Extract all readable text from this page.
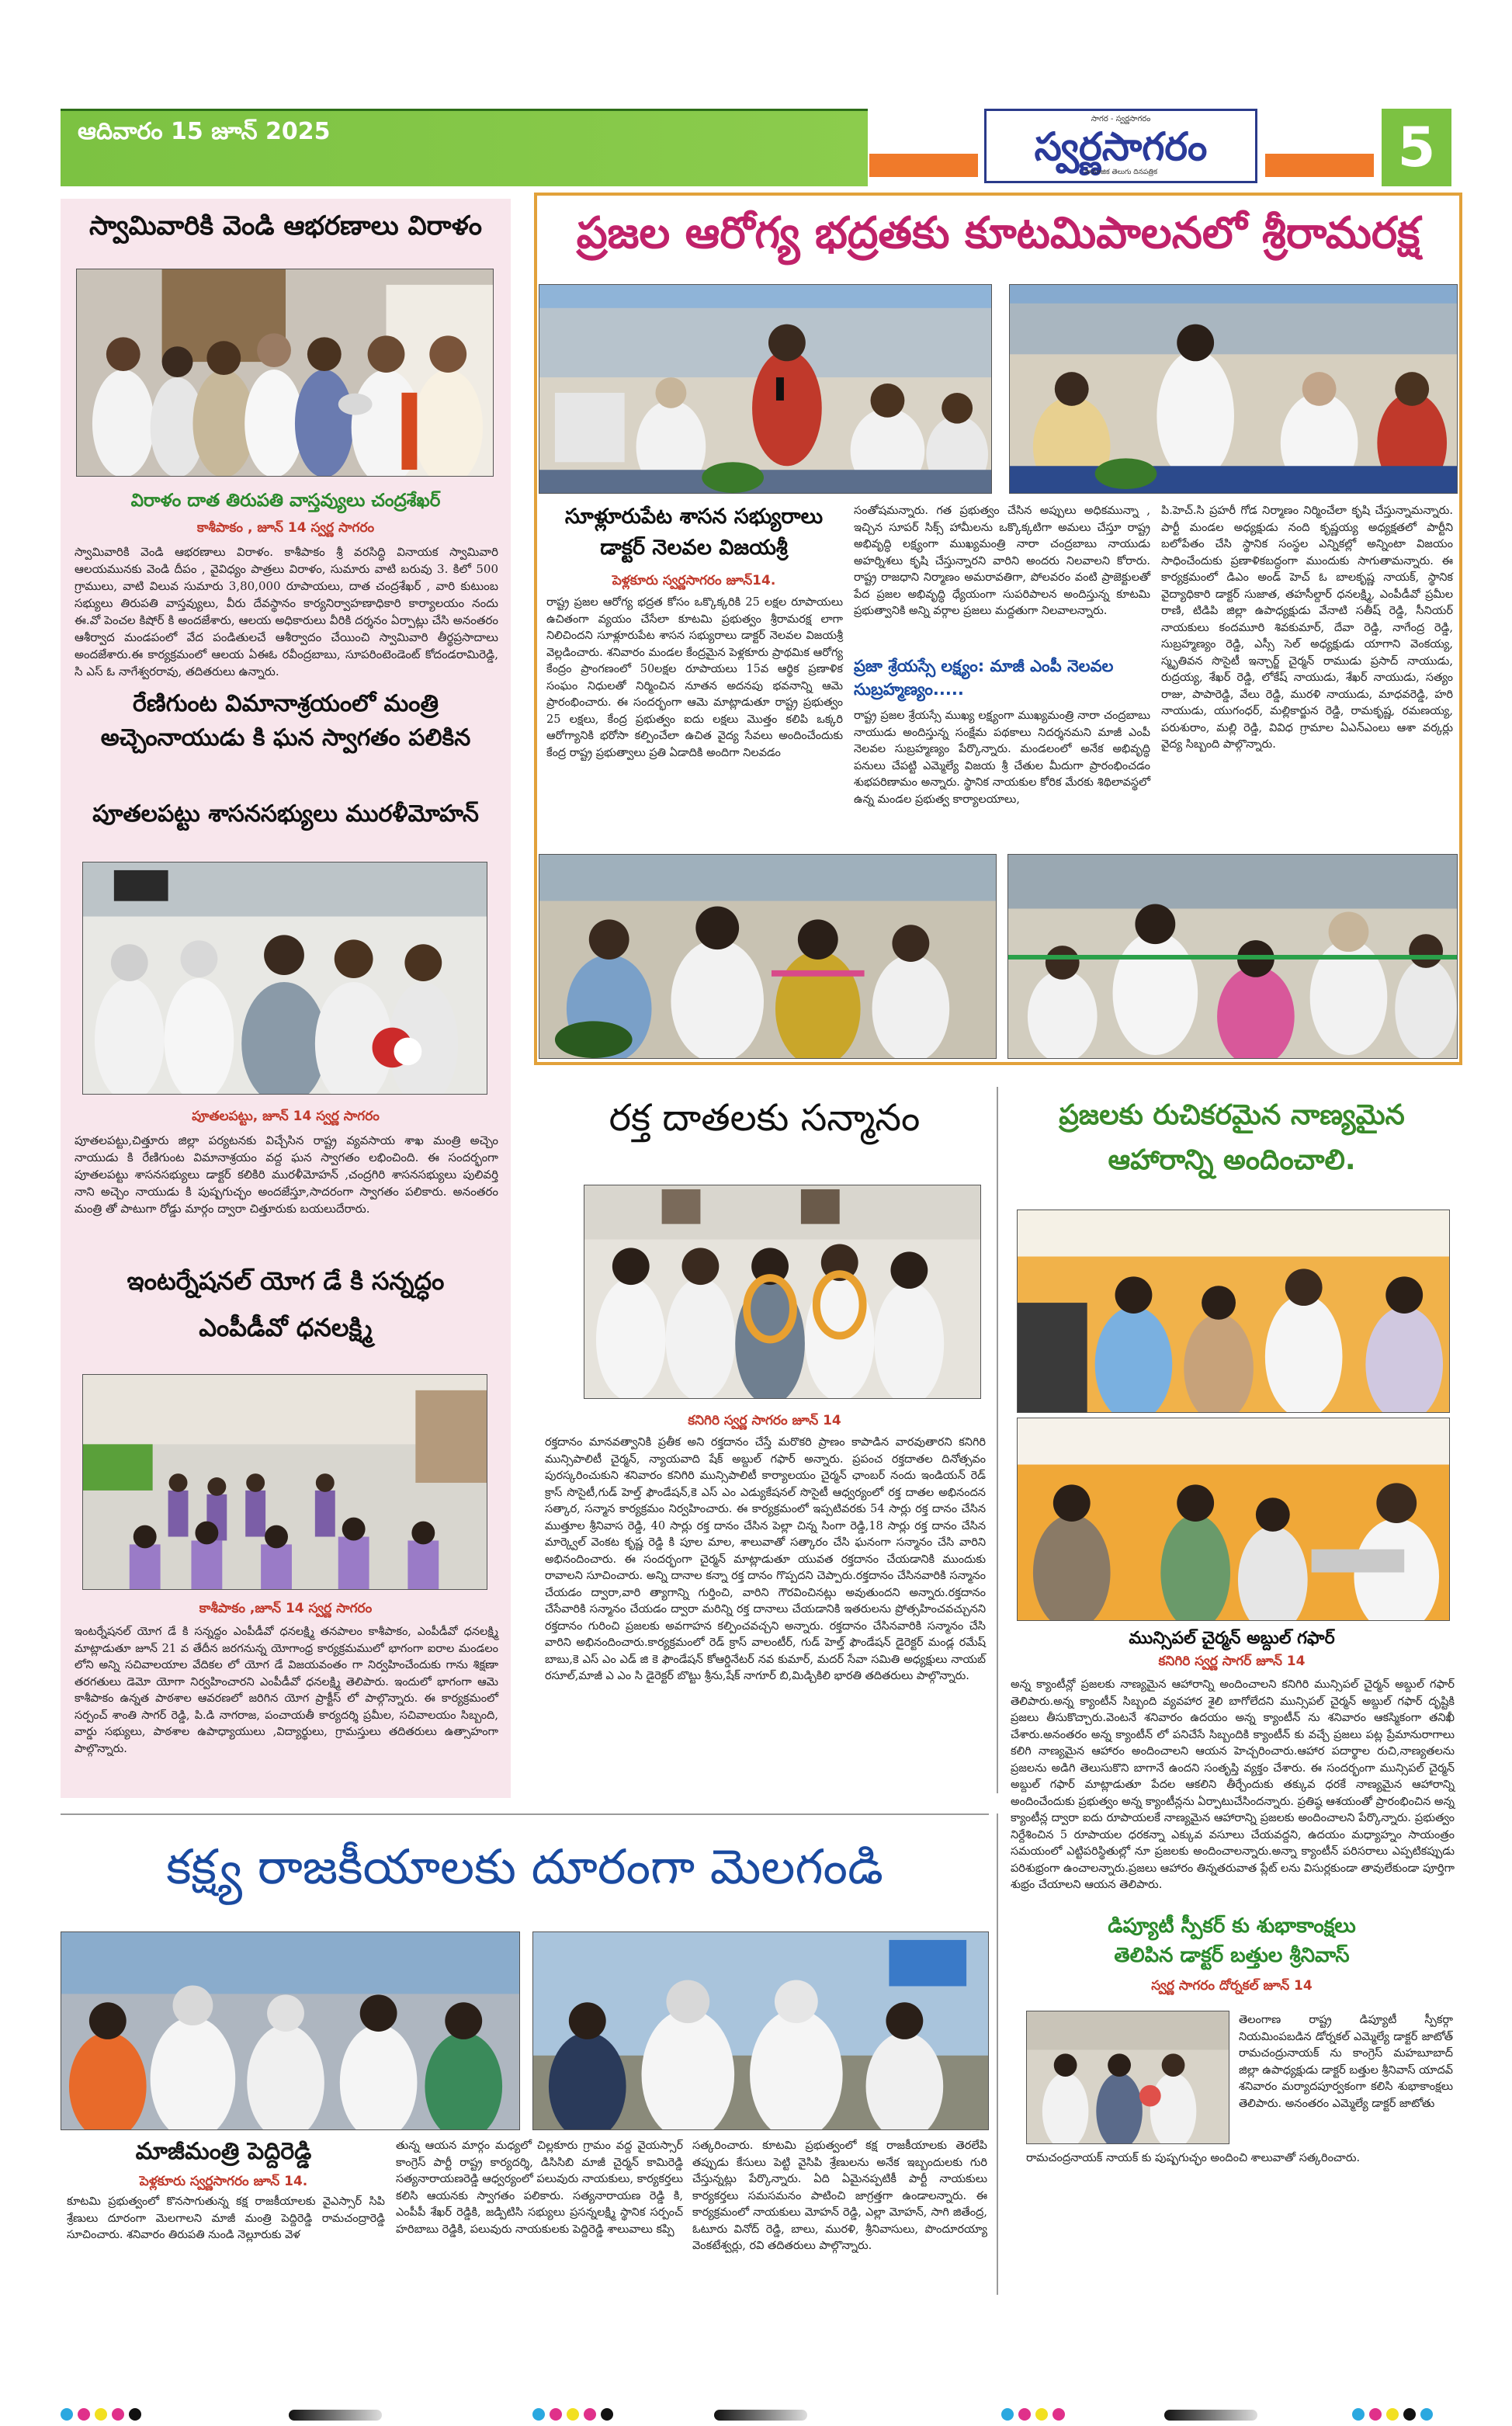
ఆదివారం 15 జూన్ 2025	సాగర - స్వర్ణసాగరం
స్వర్ణసాగరం
సామాజిక తెలుగు దినపత్రిక	5
స్వామివారికి వెండి ఆభరణాలు విరాళం
విరాళం దాత తిరుపతి వాస్తవ్యులు చంద్రశేఖర్
కాశీపాకం , జూన్ 14 స్వర్ణ సాగరం
స్వామివారికి వెండి ఆభరణాలు విరాళం. కాశీపాకం శ్రీ వరసిద్ధి వినాయక స్వామివారి ఆలయమునకు వెండి దీపం , వైవిధ్యం పాత్రలు విరాళం, సుమారు వాటి బరువు 3. కిలో 500 గ్రాములు, వాటి విలువ సుమారు 3,80,000 రూపాయలు, దాత చంద్రశేఖర్ , వారి కుటుంబ సభ్యులు తిరుపతి వాస్తవ్యులు, వీరు దేవస్థానం కార్యనిర్వాహణాధికారి కార్యాలయం నందు ఈ.వో పెంచల కిషోర్ కి అందజేశారు, ఆలయ అధికారులు వీరికి దర్శనం ఏర్పాట్లు చేసి అనంతరం ఆశీర్వాద మండపంలో వేద పండితులచే ఆశీర్వాదం చేయించి స్వామివారి తీర్థప్రసాదాలు అందజేశారు.ఈ కార్యక్రమంలో ఆలయ ఏఈఓ రవీంద్రబాబు, సూపరింటెండెంట్ కోదండరామిరెడ్డి, సి ఎస్ ఓ నాగేశ్వరరావు, తదితరులు ఉన్నారు.
రేణిగుంట విమానాశ్రయంలో మంత్రి
అచ్చెంనాయుడు కి ఘన స్వాగతం పలికిన
పూతలపట్టు శాసనసభ్యులు మురళీమోహన్
పూతలపట్టు, జూన్ 14 స్వర్ణ సాగరం
పూతలపట్టు,చిత్తూరు జిల్లా పర్యటనకు విచ్చేసిన రాష్ట్ర వ్యవసాయ శాఖ మంత్రి అచ్చెం నాయుడు కి రేణిగుంట విమానాశ్రయం వద్ద ఘన స్వాగతం లభించింది. ఈ సందర్భంగా పూతలపట్టు శాసనసభ్యులు డాక్టర్ కలికిరి మురళీమోహన్ ,చంద్రగిరి శాసనసభ్యులు పులివర్తి నాని అచ్చెం నాయుడు కి పుష్పగుచ్ఛం అందజేస్తూ,సాదరంగా స్వాగతం పలికారు. అనంతరం మంత్రి తో పాటుగా రోడ్డు మార్గం ద్వారా చిత్తూరుకు బయలుదేరారు.
ఇంటర్నేషనల్ యోగ డే కి సన్నద్ధం
ఎంపీడీవో ధనలక్ష్మి
కాశీపాకం ,జూన్ 14 స్వర్ణ సాగరం
ఇంటర్నేషనల్ యోగ డే కి సన్నద్ధం ఎంపీడీవో ధనలక్ష్మి తనపాలం కాశీపాకం, ఎంపీడీవో ధనలక్ష్మి మాట్లాడుతూ జూన్ 21 వ తేదీన జరగనున్న యోగాంధ్ర కార్యక్రమములో భాగంగా ఐరాల మండలం లోని అన్ని సచివాలయాల వేదికల లో యోగ డే విజయవంతం గా నిర్వహించేందుకు గాను శిక్షణా తరగతులు డెమో యోగా నిర్వహించారని ఎంపీడీవో ధనలక్ష్మి తెలిపారు. ఇందులో భాగంగా ఆమె కాశీపాకం ఉన్నత పాఠశాల ఆవరణలో జరిగిన యోగ ప్రాక్టీస్ లో పాల్గొన్నారు. ఈ కార్యక్రమంలో సర్పంచ్ శాంతి సాగర్ రెడ్డి, పి.డి నాగరాజ, పంచాయతీ కార్యదర్శి ప్రమీల, సచివాలయం సిబ్బంది, వార్డు సభ్యులు, పాఠశాల ఉపాధ్యాయులు ,విద్యార్థులు, గ్రామస్తులు తదితరులు ఉత్సాహంగా పాల్గొన్నారు.
ప్రజల ఆరోగ్య భద్రతకు కూటమిపాలనలో శ్రీరామరక్ష
సూళ్లూరుపేట శాసన సభ్యురాలు
డాక్టర్ నెలవల విజయశ్రీ
పెళ్లకూరు స్వర్ణసాగరం జూన్14.
రాష్ట్ర ప్రజల ఆరోగ్య భద్రత కోసం ఒక్కొక్కరికి 25 లక్షల రూపాయలు ఉచితంగా వ్యయం చేసేలా కూటమి ప్రభుత్వం శ్రీరామరక్ష లాగా నిలిచిందని సూళ్లూరుపేట శాసన సభ్యురాలు డాక్టర్ నెలవల విజయశ్రీ వెల్లడించారు. శనివారం మండల కేంద్రమైన పెళ్లకూరు ప్రాథమిక ఆరోగ్య కేంద్రం ప్రాంగణంలో 50లక్షల రూపాయలు 15వ ఆర్థిక ప్రణాళిక సంఘం నిధులతో నిర్మించిన నూతన అదనపు భవనాన్ని ఆమె ప్రారంభించారు. ఈ సందర్భంగా ఆమె మాట్లాడుతూ రాష్ట్ర ప్రభుత్వం 25 లక్షలు, కేంద్ర ప్రభుత్వం ఐదు లక్షలు మొత్తం కలిపి ఒక్కరి ఆరోగ్యానికి భరోసా కల్పించేలా ఉచిత వైద్య సేవలు అందించేందుకు కేంద్ర రాష్ట్ర ప్రభుత్వాలు ప్రతి ఏడాదికి అందిగా నిలవడం
సంతోషమన్నారు. గత ప్రభుత్వం చేసిన అప్పులు అధికమున్నా , ఇచ్చిన సూపర్ సిక్స్ హామీలను ఒక్కొక్కటిగా అమలు చేస్తూ రాష్ట్ర అభివృద్ధి లక్ష్యంగా ముఖ్యమంత్రి నారా చంద్రబాబు నాయుడు అహర్నిశలు కృషి చేస్తున్నారని వారిని అందరు నిలవాలని కోరారు. రాష్ట్ర రాజధాని నిర్మాణం అమరావతిగా, పోలవరం వంటి ప్రాజెక్టులతో పేద ప్రజల అభివృద్ధి ధ్యేయంగా సుపరిపాలన అందిస్తున్న కూటమి ప్రభుత్వానికి అన్ని వర్గాల ప్రజలు మద్దతుగా నిలవాలన్నారు.
ప్రజా శ్రేయస్సే లక్ష్యం: మాజీ ఎంపీ నెలవల సుబ్రహ్మణ్యం.....
రాష్ట్ర ప్రజల శ్రేయస్సే ముఖ్య లక్ష్యంగా ముఖ్యమంత్రి నారా చంద్రబాబు నాయుడు అందిస్తున్న సంక్షేమ పథకాలు నిదర్శనమని మాజీ ఎంపీ నెలవల సుబ్రహ్మణ్యం పేర్కొన్నారు. మండలంలో అనేక అభివృద్ధి పనులు చేపట్టి ఎమ్మెల్యే విజయ శ్రీ చేతుల మీదుగా ప్రారంభించడం శుభపరిణామం అన్నారు. స్థానిక నాయకుల కోరిక మేరకు శిథిలావస్థలో ఉన్న మండల ప్రభుత్వ కార్యాలయాలు,
పి.హెచ్.సి ప్రహరీ గోడ నిర్మాణం నిర్మించేలా కృషి చేస్తున్నామన్నారు. పార్టీ మండల అధ్యక్షుడు నంది కృష్ణయ్య అధ్యక్షతలో పార్టీని బలోపేతం చేసి స్థానిక సంస్థల ఎన్నికల్లో అన్నింటా విజయం సాధించేందుకు ప్రణాళికబద్ధంగా ముందుకు సాగుతామన్నారు. ఈ కార్యక్రమంలో డిఎం అండ్ హెచ్ ఓ బాలకృష్ణ నాయక్, స్థానిక వైద్యాధికారి డాక్టర్ సుజాత, తహసీల్దార్ ధనలక్ష్మి, ఎంపీడీవో ప్రమీల రాణి, టిడిపి జిల్లా ఉపాధ్యక్షుడు వేనాటి సతీష్ రెడ్డి, సీనియర్ నాయకులు కందమూరి శివకుమార్, దేవా రెడ్డి, నాగేంద్ర రెడ్డి, సుబ్రహ్మణ్యం రెడ్డి, ఎస్సీ సెల్ అధ్యక్షుడు యాగాని వెంకయ్య, స్మృతివన సొసైటీ ఇన్చార్జ్ చైర్మన్ రాముడు ప్రసాద్ నాయుడు, రుద్రయ్య, శేఖర్ రెడ్డి, లోకేష్ నాయుడు, శేఖర్ నాయుడు, సత్యం రాజు, పాపారెడ్డి, వేలు రెడ్డి, మురళి నాయుడు, మాధవరెడ్డి, హరి నాయుడు, యుగంధర్, మల్లికార్జున రెడ్డి, రామకృష్ణ, రమణయ్య, పరుశురాం, మల్లి రెడ్డి, వివిధ గ్రామాల ఏఎన్ఎంలు ఆశా వర్కర్లు వైద్య సిబ్బంది పాల్గొన్నారు.
రక్త దాతలకు సన్మానం
కనిగిరి స్వర్ణ సాగరం జూన్ 14
రక్తదానం మానవత్వానికి ప్రతీక అని రక్తదానం చేస్తే మరొకరి ప్రాణం కాపాడిన వారవుతారని కనిగిరి మున్సిపాలిటీ చైర్మన్, న్యాయవాది షేక్ అబ్దుల్ గఫార్ అన్నారు. ప్రపంచ రక్తదాతల దినోత్సవం పురస్కరించుకుని శనివారం కనిగిరి మున్సిపాలిటీ కార్యాలయం చైర్మన్ ఛాంబర్ నందు ఇండియన్ రెడ్ క్రాస్ సొసైటీ,గుడ్ హెల్త్ ఫౌండేషన్,కె ఎస్ ఎం ఎడ్యుకేషనల్ సొసైటీ ఆధ్వర్యంలో రక్త దాతల అభినందన సత్కార, సన్మాన కార్యక్రమం నిర్వహించారు. ఈ కార్యక్రమంలో ఇప్పటివరకు 54 సార్లు రక్త దానం చేసిన ముత్తూల శ్రీనివాస రెడ్డి, 40 సార్లు రక్త దానం చేసిన పెల్లా చిన్న సింగా రెడ్డి,18 సార్లు రక్త దానం చేసిన మార్క్వెల్ వెంకట కృష్ణ రెడ్డి కి పూల మాల, శాలువాతో సత్కారం చేసి ఘనంగా సన్మానం చేసి వారిని అభినందించారు. ఈ సందర్భంగా చైర్మన్ మాట్లాడుతూ యువత రక్తదానం చేయడానికి ముందుకు రావాలని సూచించారు. అన్ని దానాల కన్నా రక్త దానం గొప్పదని చెప్పారు.రక్తదానం చేసినవారికి సన్మానం చేయడం ద్వారా,వారి త్యాగాన్ని గుర్తించి, వారిని గౌరవించినట్లు అవుతుందని అన్నారు.రక్తదానం చేసేవారికి సన్మానం చేయడం ద్వారా మరిన్ని రక్త దానాలు చేయడానికి ఇతరులను ప్రోత్సహించవచ్చునని రక్తదానం గురించి ప్రజలకు అవగాహన కల్పించవచ్చని అన్నారు. రక్తదానం చేసినవారికి సన్మానం చేసి వారిని అభినందించారు.కార్యక్రమంలో రెడ్ క్రాస్ వాలంటీర్, గుడ్ హెల్త్ ఫౌండేషన్ డైరెక్టర్ మండ్ల రమేష్ బాబు,కె ఎస్ ఎం ఎడ్ జి కె ఫౌండేషన్ కోఆర్డినేటర్ నవ కుమార్, మదర్ సేవా సమితి అధ్యక్షులు నాయబ్ రసూల్,మాజీ ఎ ఎం సి డైరెక్టర్ బొట్టు శ్రీను,షేక్ నాగూర్ బి,మిడ్చికిలి భారతి తదితరులు పాల్గొన్నారు.
ప్రజలకు రుచికరమైన నాణ్యమైన
ఆహారాన్ని అందించాలి.
మున్సిపల్ చైర్మన్ అబ్దుల్ గఫార్
కనిగిరి స్వర్ణ సాగర్ జూన్ 14
అన్న క్యాంటీన్లో ప్రజలకు నాణ్యమైన ఆహారాన్ని అందించాలని కనిగిరి మున్సిపల్ చైర్మన్ అబ్దుల్ గఫార్ తెలిపారు.అన్న క్యాంటీన్ సిబ్బంది వ్యవహార శైలి బాగోలేదని మున్సిపల్ చైర్మన్ అబ్దుల్ గఫార్ దృష్టికి ప్రజలు తీసుకొచ్చారు.వెంటనే శనివారం ఉదయం అన్న క్యాంటీన్ ను శనివారం ఆకస్మికంగా తనిఖీ చేశారు.అనంతరం అన్న క్యాంటీన్ లో పనిచేసే సిబ్బందికి క్యాంటీన్ కు వచ్చే ప్రజలు పట్ల ప్రేమానురాగాలు కలిగి నాణ్యమైన ఆహారం అందించాలని ఆయన హెచ్చరించారు.ఆహార పదార్థాల రుచి,నాణ్యతలను ప్రజలను అడిగి తెలుసుకొని బాగానే ఉందని సంతృప్తి వ్యక్తం చేశారు. ఈ సందర్భంగా మున్సిపల్ చైర్మన్ అబ్దుల్ గఫార్ మాట్లాడుతూ పేదల ఆకలిని తీర్చేందుకు తక్కువ ధరకే నాణ్యమైన ఆహారాన్ని అందించేందుకు ప్రభుత్వం అన్న క్యాంటీన్లను ఏర్పాటుచేసిందన్నారు. ప్రతిష్ఠ ఆశయంతో ప్రారంభించిన అన్న క్యాంటీన్ల ద్వారా ఐదు రూపాయలకే నాణ్యమైన ఆహారాన్ని ప్రజలకు అందించాలని పేర్కొన్నారు. ప్రభుత్వం నిర్దేశించిన 5 రూపాయల ధరకన్నా ఎక్కువ వసూలు చేయవద్దని, ఉదయం మధ్యాహ్నం సాయంత్రం సమయంలో ఎట్టిపరిస్థితుల్లో నూ ప్రజలకు అందించాలన్నారు.అన్నా క్యాంటీన్ పరిసరాలు ఎప్పటికప్పుడు పరిశుభ్రంగా ఉంచాలన్నారు.ప్రజలు ఆహారం తిన్నతరువాత ప్లేట్ లను విసుర్లకుండా తావులేకుండా పూర్తిగా శుభ్రం చేయాలని ఆయన తెలిపారు.
డిప్యూటీ స్పీకర్ కు శుభాకాంక్షలు
తెలిపిన డాక్టర్ బత్తుల శ్రీనివాస్
స్వర్ణ సాగరం దోర్నకల్ జూన్ 14
తెలంగాణ రాష్ట్ర డిప్యూటీ స్పీకర్గా నియమింపబడిన డోర్నకల్ ఎమ్మెల్యే డాక్టర్ జాటోత్ రామచంద్రునాయక్ ను కాంగ్రెస్ మహబూబాద్ జిల్లా ఉపాధ్యక్షుడు డాక్టర్ బత్తుల శ్రీనివాస్ యాదవ్ శనివారం మర్యాదపూర్వకంగా కలిసి శుభాకాంక్షలు తెలిపారు. అనంతరం ఎమ్మెల్యే డాక్టర్ జాటోతు
రామచంద్రనాయక్ నాయక్ కు పుష్పగుచ్ఛం అందించి శాలువాతో సత్కరించారు.
కక్ష్య రాజకీయాలకు దూరంగా మెలగండి
మాజీమంత్రి పెద్దిరెడ్డి
పెళ్లకూరు స్వర్ణసాగరం జూన్ 14.
కూటమి ప్రభుత్వంలో కొనసాగుతున్న కక్ష రాజకీయాలకు వైఎస్సార్ సిపి శ్రేణులు దూరంగా మెలగాలని మాజీ మంత్రి పెద్దిరెడ్డి రామచంద్రారెడ్డి సూచించారు. శనివారం తిరుపతి నుండి నెల్లూరుకు వెళ
తున్న ఆయన మార్గం మధ్యలో చిల్లకూరు గ్రామం వద్ద వైయస్సార్ కాంగ్రెస్ పార్టీ రాష్ట్ర కార్యదర్శి, డిసిసిబి మాజీ చైర్మన్ కామిరెడ్డి సత్యనారాయణరెడ్డి ఆధ్వర్యంలో పలువురు నాయకులు, కార్యకర్తలు కలిసి ఆయనకు స్వాగతం పలికారు. సత్యనారాయణ రెడ్డి కి, ఎంపీపీ శేఖర్ రెడ్డికి, జడ్పిటిసి సభ్యులు ప్రసన్నలక్ష్మి స్థానిక సర్పంచ్ హరిబాబు రెడ్డికి, పలువురు నాయకులకు పెద్దిరెడ్డి శాలువాలు కప్పి
సత్కరించారు. కూటమి ప్రభుత్వంలో కక్ష రాజకీయాలకు తెరలేపి తప్పుడు కేసులు పెట్టి వైసిపి శ్రేణులను అనేక ఇబ్బందులకు గురి చేస్తున్నట్లు పేర్కొన్నారు. ఏది ఏమైనప్పటికీ పార్టీ నాయకులు కార్యకర్తలు సమసమనం పాటించి జాగ్రత్తగా ఉండాలన్నారు. ఈ కార్యక్రమంలో నాయకులు మోహన్ రెడ్డి, ఎల్లా మోహన్, సాగి జితేంద్ర, ఓటూరు వినోద్ రెడ్డి, బాలు, మురళి, శ్రీనివాసులు, పొందూరయ్యా వెంకటేశ్వర్లు, రవి తదితరులు పాల్గొన్నారు.
